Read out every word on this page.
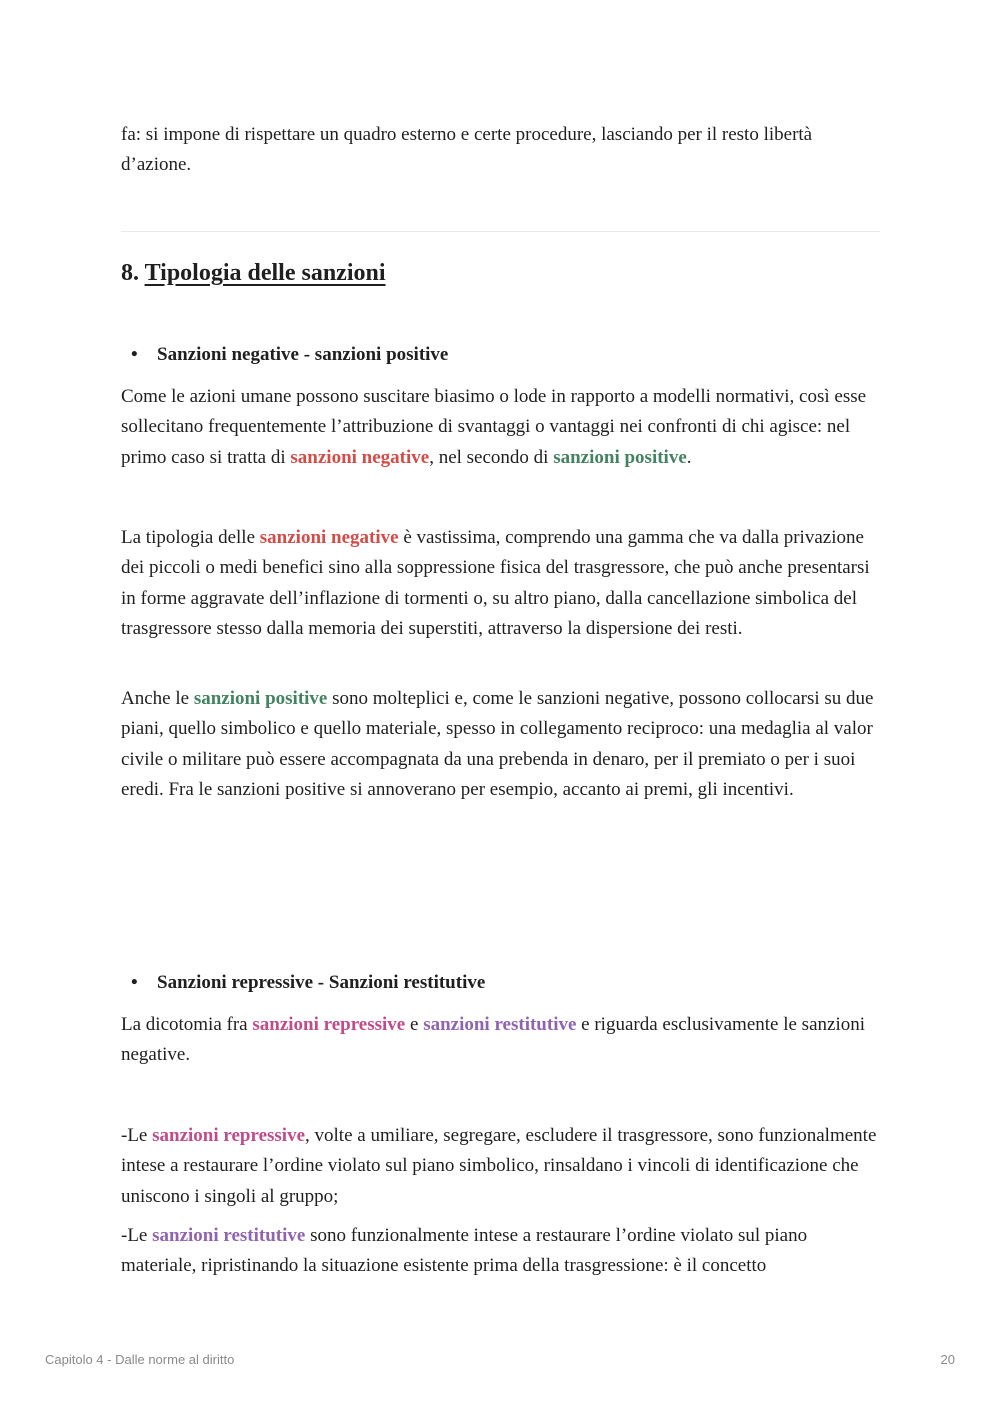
fa: si impone di rispettare un quadro esterno e certe procedure, lasciando per il resto libertà d’azione.

8. Tipologia delle sanzioni
• Sanzioni negative - sanzioni positive

Come le azioni umane possono suscitare biasimo o lode in rapporto a modelli normativi, così esse sollecitano frequentemente l’attribuzione di svantaggi o vantaggi nei confronti di chi agisce: nel primo caso si tratta di sanzioni negative, nel secondo di sanzioni positive.

La tipologia delle sanzioni negative è vastissima, comprendo una gamma che va dalla privazione dei piccoli o medi benefici sino alla soppressione fisica del trasgressore, che può anche presentarsi in forme aggravate dell’inflazione di tormenti o, su altro piano, dalla cancellazione simbolica del trasgressore stesso dalla memoria dei superstiti, attraverso la dispersione dei resti.

Anche le sanzioni positive sono molteplici e, come le sanzioni negative, possono collocarsi su due piani, quello simbolico e quello materiale, spesso in collegamento reciproco: una medaglia al valor civile o militare può essere accompagnata da una prebenda in denaro, per il premiato o per i suoi eredi. Fra le sanzioni positive si annoverano per esempio, accanto ai premi, gli incentivi.

• Sanzioni repressive - Sanzioni restitutive

La dicotomia fra sanzioni repressive e sanzioni restitutive e riguarda esclusivamente le sanzioni negative.

-Le sanzioni repressive, volte a umiliare, segregare, escludere il trasgressore, sono funzionalmente intese a restaurare l’ordine violato sul piano simbolico, rinsaldano i vincoli di identificazione che uniscono i singoli al gruppo;

-Le sanzioni restitutive sono funzionalmente intese a restaurare l’ordine violato sul piano materiale, ripristinando la situazione esistente prima della trasgressione: è il concetto

Capitolo 4 - Dalle norme al diritto	20
